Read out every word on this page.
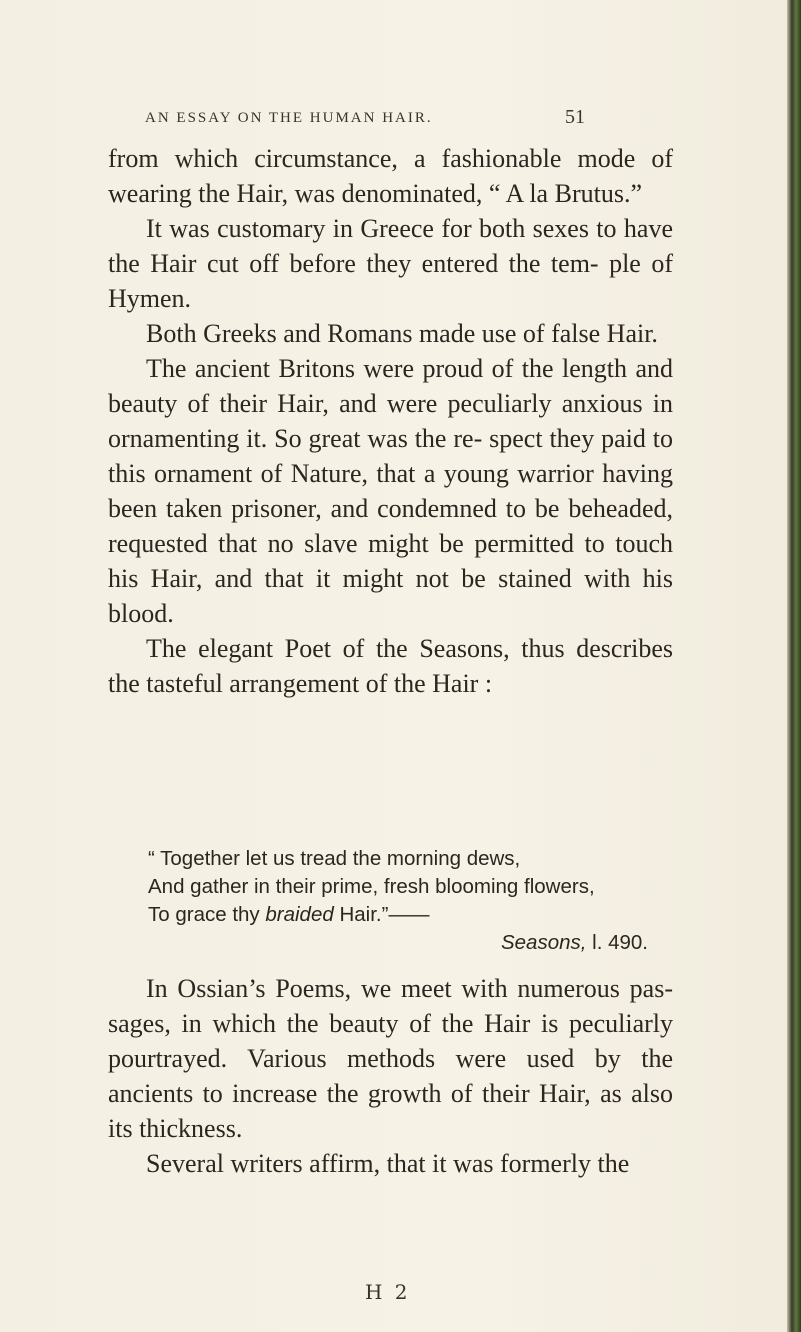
AN ESSAY ON THE HUMAN HAIR.	51

from which circumstance, a fashionable mode of wearing the Hair, was denominated, “ A la Brutus.”

It was customary in Greece for both sexes to have the Hair cut off before they entered the tem- ple of Hymen.

Both Greeks and Romans made use of false Hair.

The ancient Britons were proud of the length and beauty of their Hair, and were peculiarly anxious in ornamenting it. So great was the re- spect they paid to this ornament of Nature, that a young warrior having been taken prisoner, and condemned to be beheaded, requested that no slave might be permitted to touch his Hair, and that it might not be stained with his blood.

The elegant Poet of the Seasons, thus describes the tasteful arrangement of the Hair :

“ Together let us tread the morning dews,
And gather in their prime, fresh blooming flowers,
To grace thy braided Hair.”——
Seasons, l. 490.

In Ossian’s Poems, we meet with numerous pas- sages, in which the beauty of the Hair is peculiarly pourtrayed. Various methods were used by the ancients to increase the growth of their Hair, as also its thickness.

Several writers affirm, that it was formerly the

H 2
